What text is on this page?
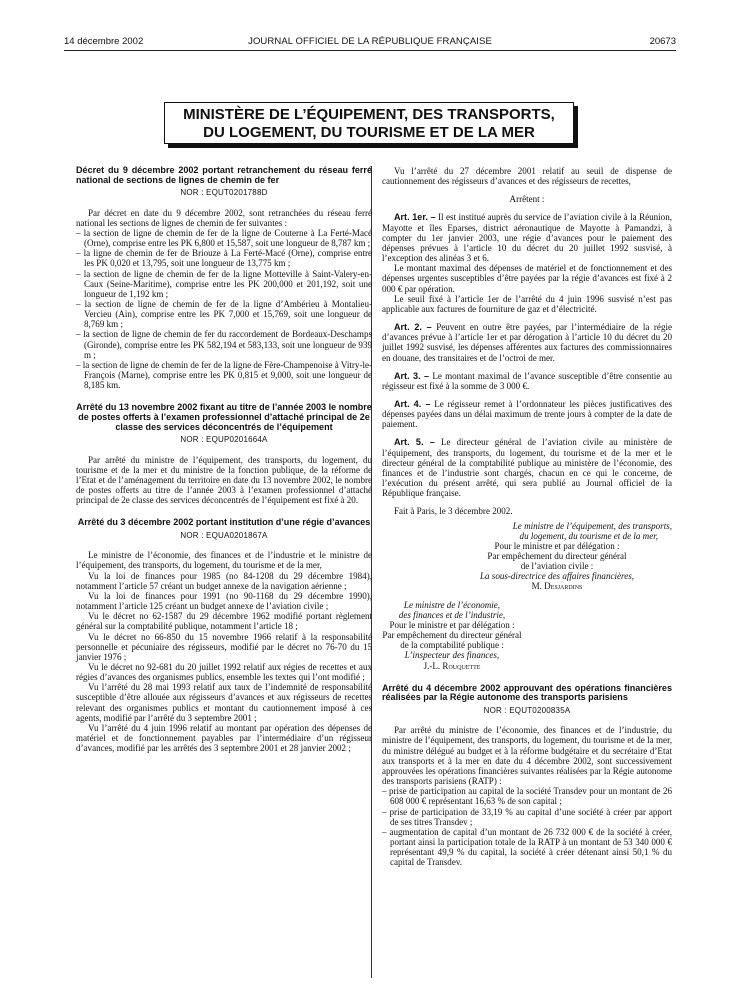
14 décembre 2002	JOURNAL OFFICIEL DE LA RÉPUBLIQUE FRANÇAISE	20673
MINISTÈRE DE L’ÉQUIPEMENT, DES TRANSPORTS,
DU LOGEMENT, DU TOURISME ET DE LA MER
Décret du 9 décembre 2002 portant retranchement du réseau ferré national de sections de lignes de chemin de fer
NOR : EQUT0201788D

Par décret en date du 9 décembre 2002, sont retranchées du réseau ferré national les sections de lignes de chemin de fer suivantes :

– la section de ligne de chemin de fer de la ligne de Couterne à La Ferté-Macé (Orne), comprise entre les PK 6,800 et 15,587, soit une longueur de 8,787 km ;
– la ligne de chemin de fer de Briouze à La Ferté-Macé (Orne), comprise entre les PK 0,020 et 13,795, soit une longueur de 13,775 km ;
– la section de ligne de chemin de fer de la ligne Motteville à Saint-Valery-en-Caux (Seine-Maritime), comprise entre les PK 200,000 et 201,192, soit une longueur de 1,192 km ;
– la section de ligne de chemin de fer de la ligne d’Ambérieu à Montalieu-Vercieu (Ain), comprise entre les PK 7,000 et 15,769, soit une longueur de 8,769 km ;
– la section de ligne de chemin de fer du raccordement de Bordeaux-Deschamps (Gironde), comprise entre les PK 582,194 et 583,133, soit une longueur de 939 m ;
– la section de ligne de chemin de fer de la ligne de Fère-Champenoise à Vitry-le-François (Marne), comprise entre les PK 0,815 et 9,000, soit une longueur de 8,185 km.
Arrêté du 13 novembre 2002 fixant au titre de l’année 2003 le nombre de postes offerts à l’examen professionnel d’attaché principal de 2e classe des services déconcentrés de l’équipement
NOR : EQUP0201664A

Par arrêté du ministre de l’équipement, des transports, du logement, du tourisme et de la mer et du ministre de la fonction publique, de la réforme de l’Etat et de l’aménagement du territoire en date du 13 novembre 2002, le nombre de postes offerts au titre de l’année 2003 à l’examen professionnel d’attaché principal de 2e classe des services déconcentrés de l’équipement est fixé à 20.

Arrêté du 3 décembre 2002 portant institution d’une régie d’avances
NOR : EQUA0201867A

Le ministre de l’économie, des finances et de l’industrie et le ministre de l’équipement, des transports, du logement, du tourisme et de la mer,

Vu la loi de finances pour 1985 (no 84-1208 du 29 décembre 1984), notamment l’article 57 créant un budget annexe de la navigation aérienne ;

Vu la loi de finances pour 1991 (no 90-1168 du 29 décembre 1990), notamment l’article 125 créant un budget annexe de l’aviation civile ;

Vu le décret no 62-1587 du 29 décembre 1962 modifié portant règlement général sur la comptabilité publique, notamment l’article 18 ;

Vu le décret no 66-850 du 15 novembre 1966 relatif à la responsabilité personnelle et pécuniaire des régisseurs, modifié par le décret no 76-70 du 15 janvier 1976 ;

Vu le décret no 92-681 du 20 juillet 1992 relatif aux régies de recettes et aux régies d’avances des organismes publics, ensemble les textes qui l’ont modifié ;

Vu l’arrêté du 28 mai 1993 relatif aux taux de l’indemnité de responsabilité susceptible d’être allouée aux régisseurs d’avances et aux régisseurs de recettes relevant des organismes publics et montant du cautionnement imposé à ces agents, modifié par l’arrêté du 3 septembre 2001 ;

Vu l’arrêté du 4 juin 1996 relatif au montant par opération des dépenses de matériel et de fonctionnement payables par l’intermédiaire d’un régisseur d’avances, modifié par les arrêtés des 3 septembre 2001 et 28 janvier 2002 ;

Vu l’arrêté du 27 décembre 2001 relatif au seuil de dispense de cautionnement des régisseurs d’avances et des régisseurs de recettes,

Arrêtent :

Art. 1er. – Il est institué auprès du service de l’aviation civile à la Réunion, Mayotte et îles Eparses, district aéronautique de Mayotte à Pamandzi, à compter du 1er janvier 2003, une régie d’avances pour le paiement des dépenses prévues à l’article 10 du décret du 20 juillet 1992 susvisé, à l’exception des alinéas 3 et 6.

Le montant maximal des dépenses de matériel et de fonctionnement et des dépenses urgentes susceptibles d’être payées par la régie d’avances est fixé à 2 000 € par opération.

Le seuil fixé à l’article 1er de l’arrêté du 4 juin 1996 susvisé n’est pas applicable aux factures de fourniture de gaz et d’électricité.

Art. 2. – Peuvent en outre être payées, par l’intermédiaire de la régie d’avances prévue à l’article 1er et par dérogation à l’article 10 du décret du 20 juillet 1992 susvisé, les dépenses afférentes aux factures des commissionnaires en douane, des transitaires et de l’octroi de mer.

Art. 3. – Le montant maximal de l’avance susceptible d’être consentie au régisseur est fixé à la somme de 3 000 €.

Art. 4. – Le régisseur remet à l’ordonnateur les pièces justificatives des dépenses payées dans un délai maximum de trente jours à compter de la date de paiement.

Art. 5. – Le directeur général de l’aviation civile au ministère de l’équipement, des transports, du logement, du tourisme et de la mer et le directeur général de la comptabilité publique au ministère de l’économie, des finances et de l’industrie sont chargés, chacun en ce qui le concerne, de l’exécution du présent arrêté, qui sera publié au Journal officiel de la République française.

Fait à Paris, le 3 décembre 2002.

Le ministre de l’équipement, des transports,
du logement, du tourisme et de la mer,
Pour le ministre et par délégation :
Par empêchement du directeur général
de l’aviation civile :
La sous-directrice des affaires financières,
M. Desjardins
Le ministre de l’économie,
des finances et de l’industrie,
Pour le ministre et par délégation :
Par empêchement du directeur général
de la comptabilité publique :
L’inspecteur des finances,
J.-L. Rouquette
Arrêté du 4 décembre 2002 approuvant des opérations financières réalisées par la Régie autonome des transports parisiens
NOR : EQUT0200835A

Par arrêté du ministre de l’économie, des finances et de l’industrie, du ministre de l’équipement, des transports, du logement, du tourisme et de la mer, du ministre délégué au budget et à la réforme budgétaire et du secrétaire d’Etat aux transports et à la mer en date du 4 décembre 2002, sont successivement approuvées les opérations financières suivantes réalisées par la Régie autonome des transports parisiens (RATP) :

– prise de participation au capital de la société Transdev pour un montant de 26 608 000 € représentant 16,63 % de son capital ;
– prise de participation de 33,19 % au capital d’une société à créer par apport de ses titres Transdev ;
– augmentation de capital d’un montant de 26 732 000 € de la société à créer, portant ainsi la participation totale de la RATP à un montant de 53 340 000 € représentant 49,9 % du capital, la société à créer détenant ainsi 50,1 % du capital de Transdev.
